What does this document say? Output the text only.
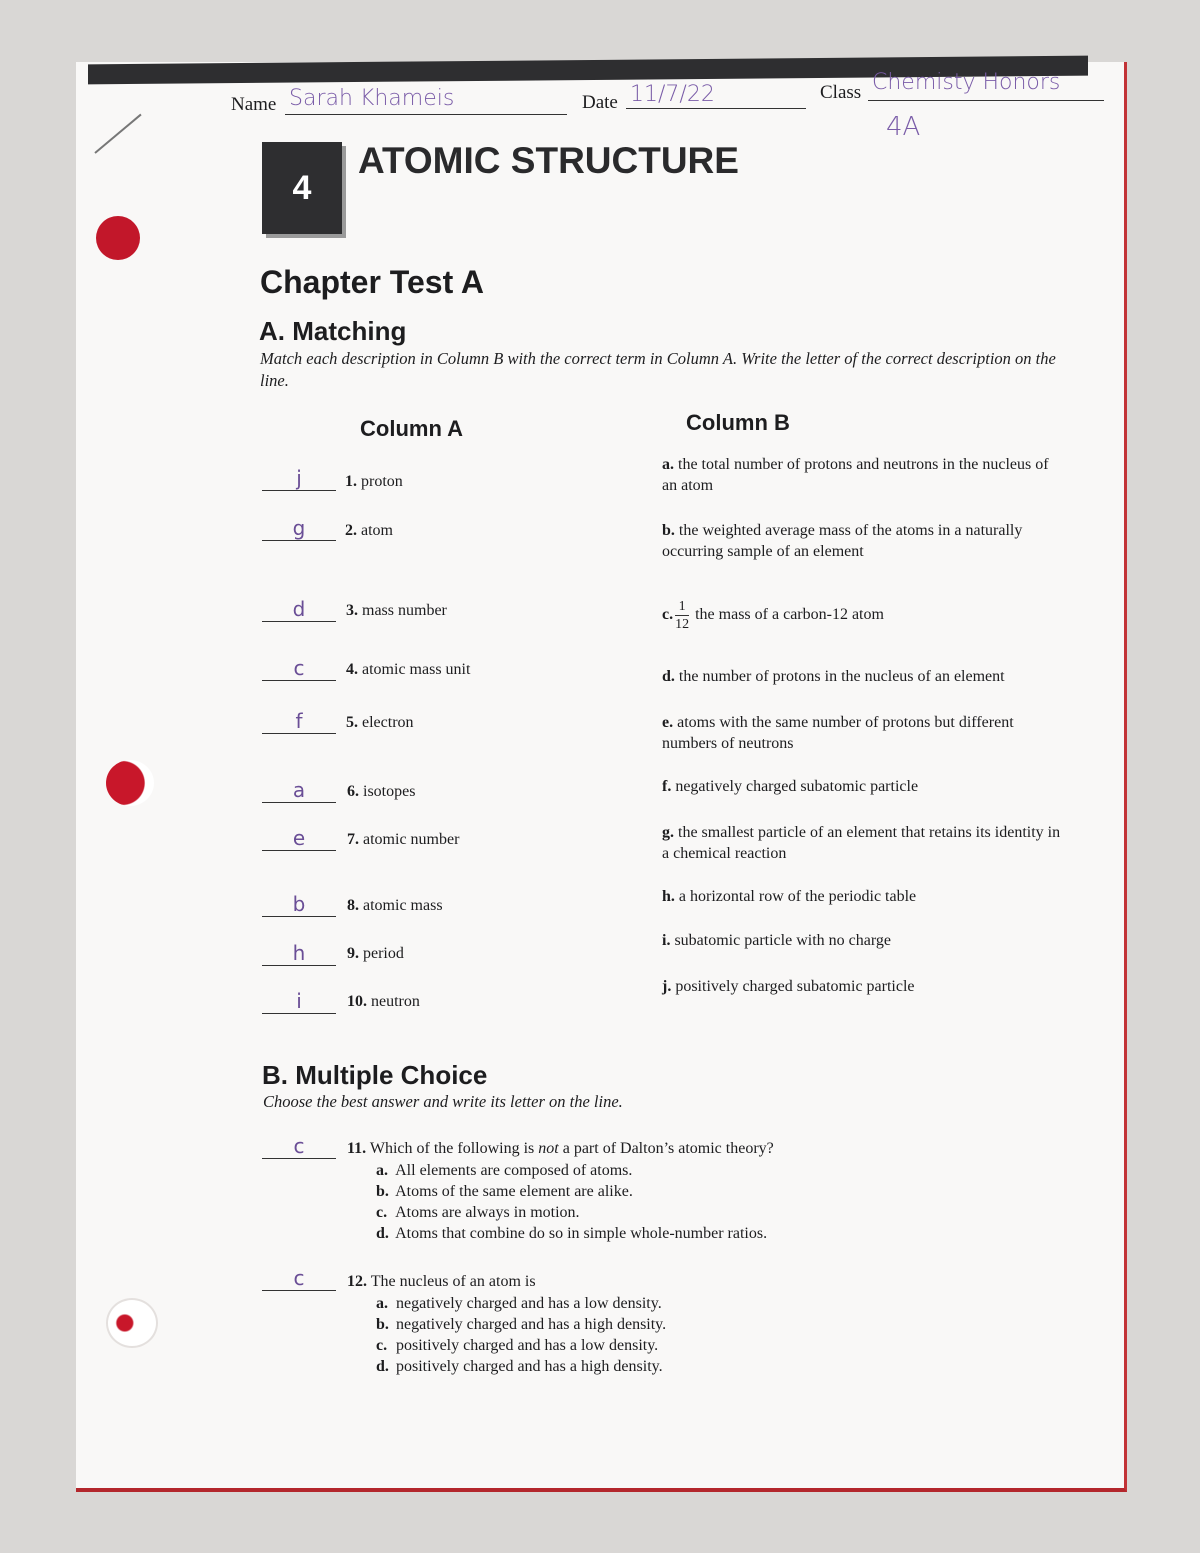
Name Sarah Khameis	Date 11/7/22	Class Chemisty Honors
4A
4
ATOMIC STRUCTURE
Chapter Test A
A. Matching
Match each description in Column B with the correct term in Column A. Write the letter of the correct description on the line.
Column A	Column B
j	1. proton
g	2. atom
d	3. mass number
c	4. atomic mass unit
f	5. electron
a	6. isotopes
e	7. atomic number
b	8. atomic mass
h	9. period
i	10. neutron
a. the total number of protons and neutrons in the nucleus of an atom
b. the weighted average mass of the atoms in a naturally occurring sample of an element
c. $\frac{1}{12}$ the mass of a carbon-12 atom
d. the number of protons in the nucleus of an element
e. atoms with the same number of protons but different numbers of neutrons
f. negatively charged subatomic particle
g. the smallest particle of an element that retains its identity in a chemical reaction
h. a horizontal row of the periodic table
i. subatomic particle with no charge
j. positively charged subatomic particle
B. Multiple Choice
Choose the best answer and write its letter on the line.
c	11. Which of the following is not a part of Dalton’s atomic theory?
a. All elements are composed of atoms.
b. Atoms of the same element are alike.
c. Atoms are always in motion.
d. Atoms that combine do so in simple whole-number ratios.
c	12. The nucleus of an atom is
a. negatively charged and has a low density.
b. negatively charged and has a high density.
c. positively charged and has a low density.
d. positively charged and has a high density.
